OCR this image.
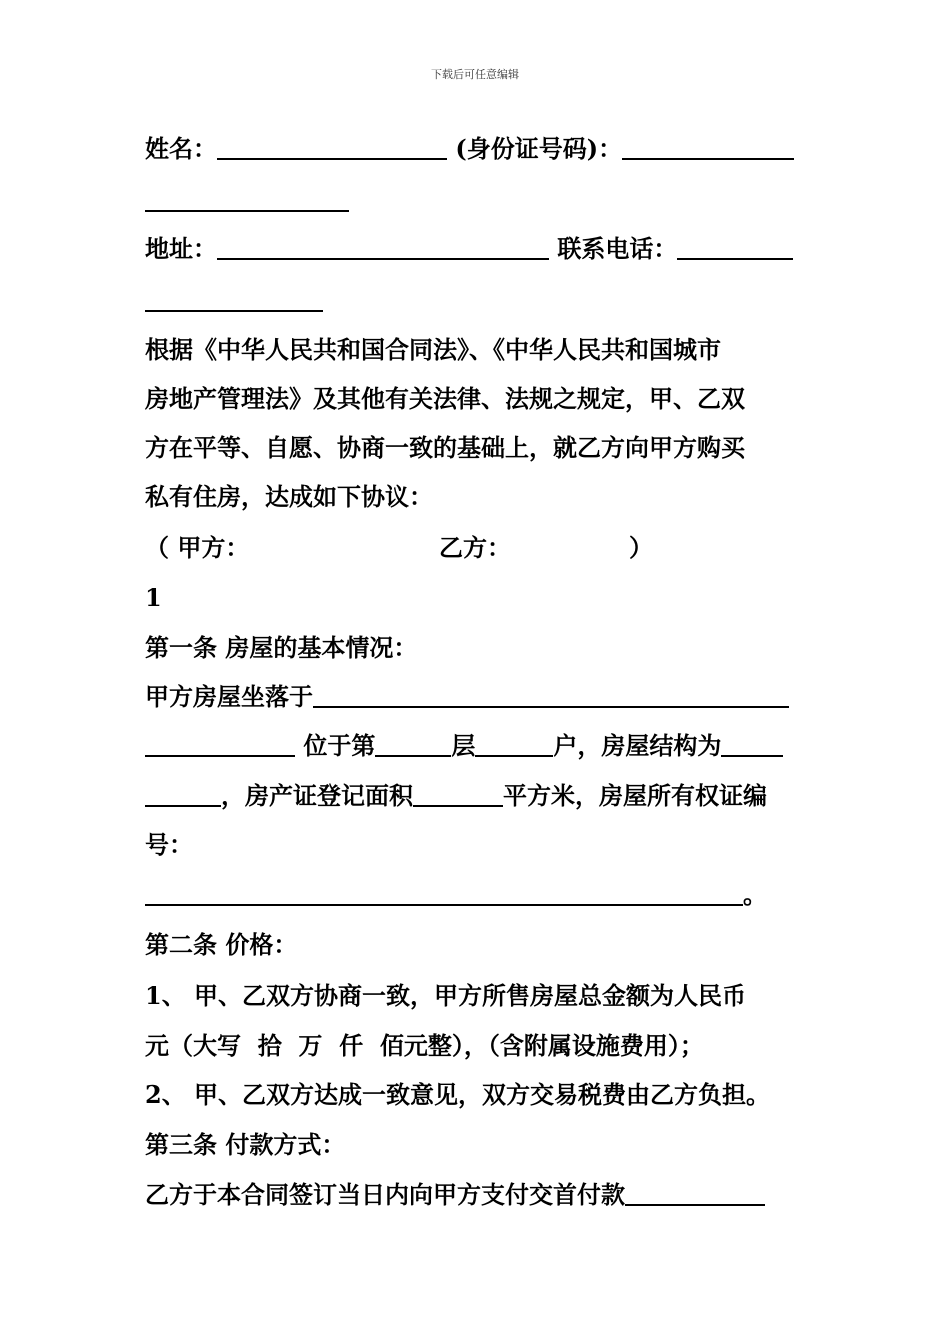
下载后可任意编辑
姓名：	(身份证号码)：
地址：	联系电话：
根据《中华人民共和国合同法》、《中华人民共和国城市
房地产管理法》及其他有关法律、法规之规定，甲、乙双
方在平等、自愿、协商一致的基础上，就乙方向甲方购买
私有住房，达成如下协议：
（ 甲方：	乙方：	）
1
第一条 房屋的基本情况：
甲方房屋坐落于
位于第	层	户，房屋结构为
，房产证登记面积	平方米，房屋所有权证编
号：
。
第二条 价格：
1、 甲、乙双方协商一致，甲方所售房屋总金额为人民币
元（大写  拾  万  仟  佰元整），（含附属设施费用）；
2、 甲、乙双方达成一致意见，双方交易税费由乙方负担。
第三条 付款方式：
乙方于本合同签订当日内向甲方支付交首付款
